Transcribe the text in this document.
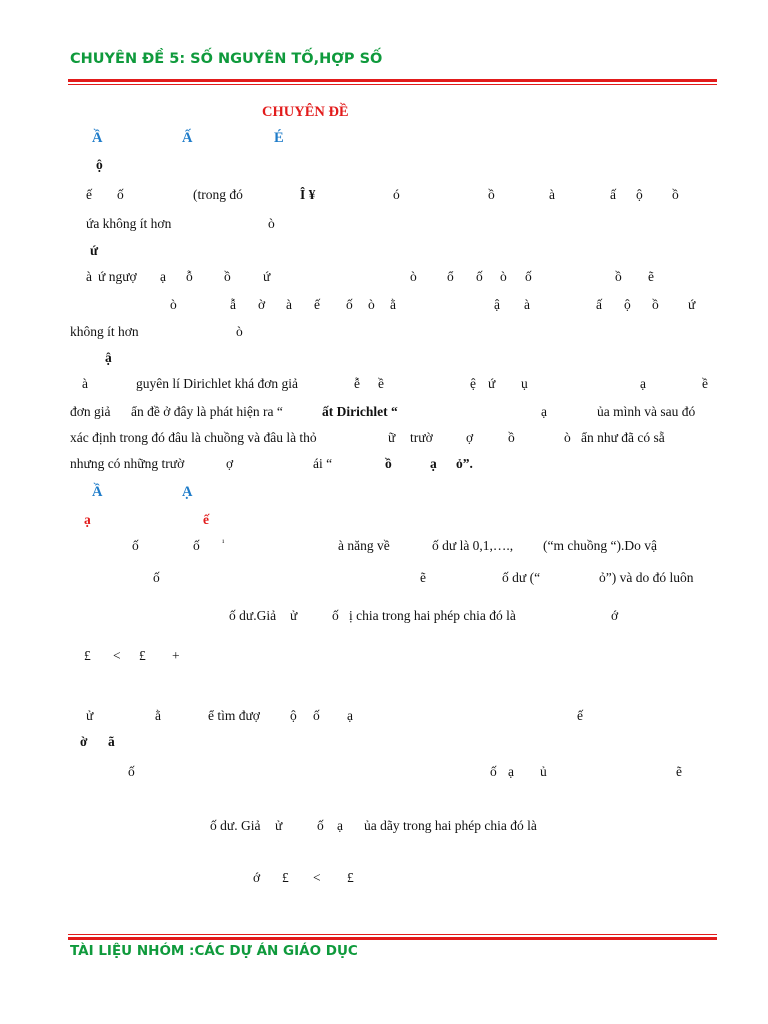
CHUYÊN ĐỀ 5: SỐ NGUYÊN TỐ,HỢP SỐ
CHUYÊN ĐỀ
Ầ	Ấ	É
ộ
ế ố	(trong đó	Î ¥	ó	ồ	à	ấ ộ ồ
ứa không ít hơn	ò
ứ
à ứ ngượ ạ ỗ ồ ứ	ò ổ ố ò ố	ồ ẽ
ò	ẫ ờ à ế ố ò ằ	ậ à	ấ ộ ồ ứ
không ít hơn	ò
ậ
à	guyên lí Dirichlet khá đơn giả	ễ ề	ệ ứ ụ	ạ	ề
đơn giả ẩn đề ở đây là phát hiện ra “	ất Dirichlet “	ạ	ủa mình và sau đó
xác định trong đó đâu là chuồng và đâu là thỏ	ữ trườ ợ	ồ	ò ẩn như đã có sẵ
nhưng có những trườ	ợ	ái “	ồ	ạ ỏ”.
Ầ	Ạ
ạ	ế
ố	ố	¹	à năng về	ố dư là 0,1,…., (“m chuồng “).Do vậ
ố	ẽ	ố dư (“	ỏ”) và do đó luôn
ố dư.Giả ử	ố ị chia trong hai phép chia đó là	ớ
£ < £ +
ử	ằ	ể tìm đượ ộ ố ạ	ế
ờ ã
ố	ố ạ ủ	ẽ
ố dư. Giả ử	ố ạ ủa dãy trong hai phép chia đó là
ớ £ < £
TÀI LIỆU NHÓM :CÁC DỰ ÁN GIÁO DỤC
